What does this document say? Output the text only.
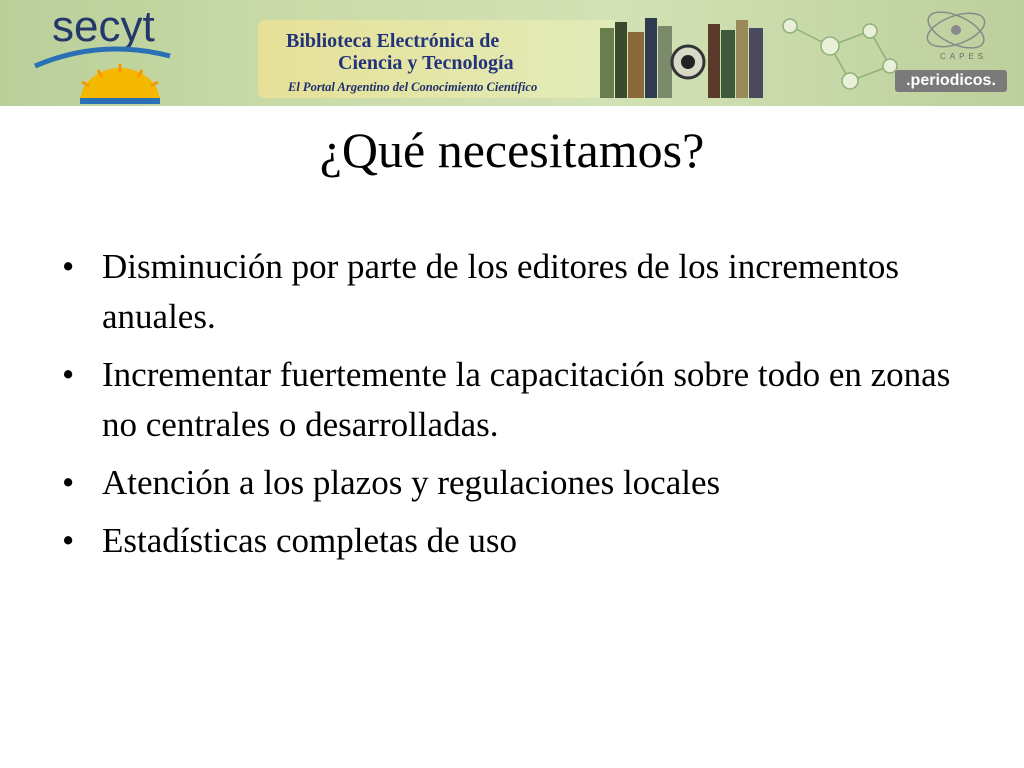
secyt	Biblioteca Electrónica de
Ciencia y Tecnología
El Portal Argentino del Conocimiento Científico
CAPES
.periodicos.
¿Qué necesitamos?
• Disminución por parte de los editores de los incrementos anuales.
• Incrementar fuertemente la capacitación sobre todo en zonas no centrales o desarrolladas.
• Atención a los plazos y regulaciones locales
• Estadísticas completas de uso
